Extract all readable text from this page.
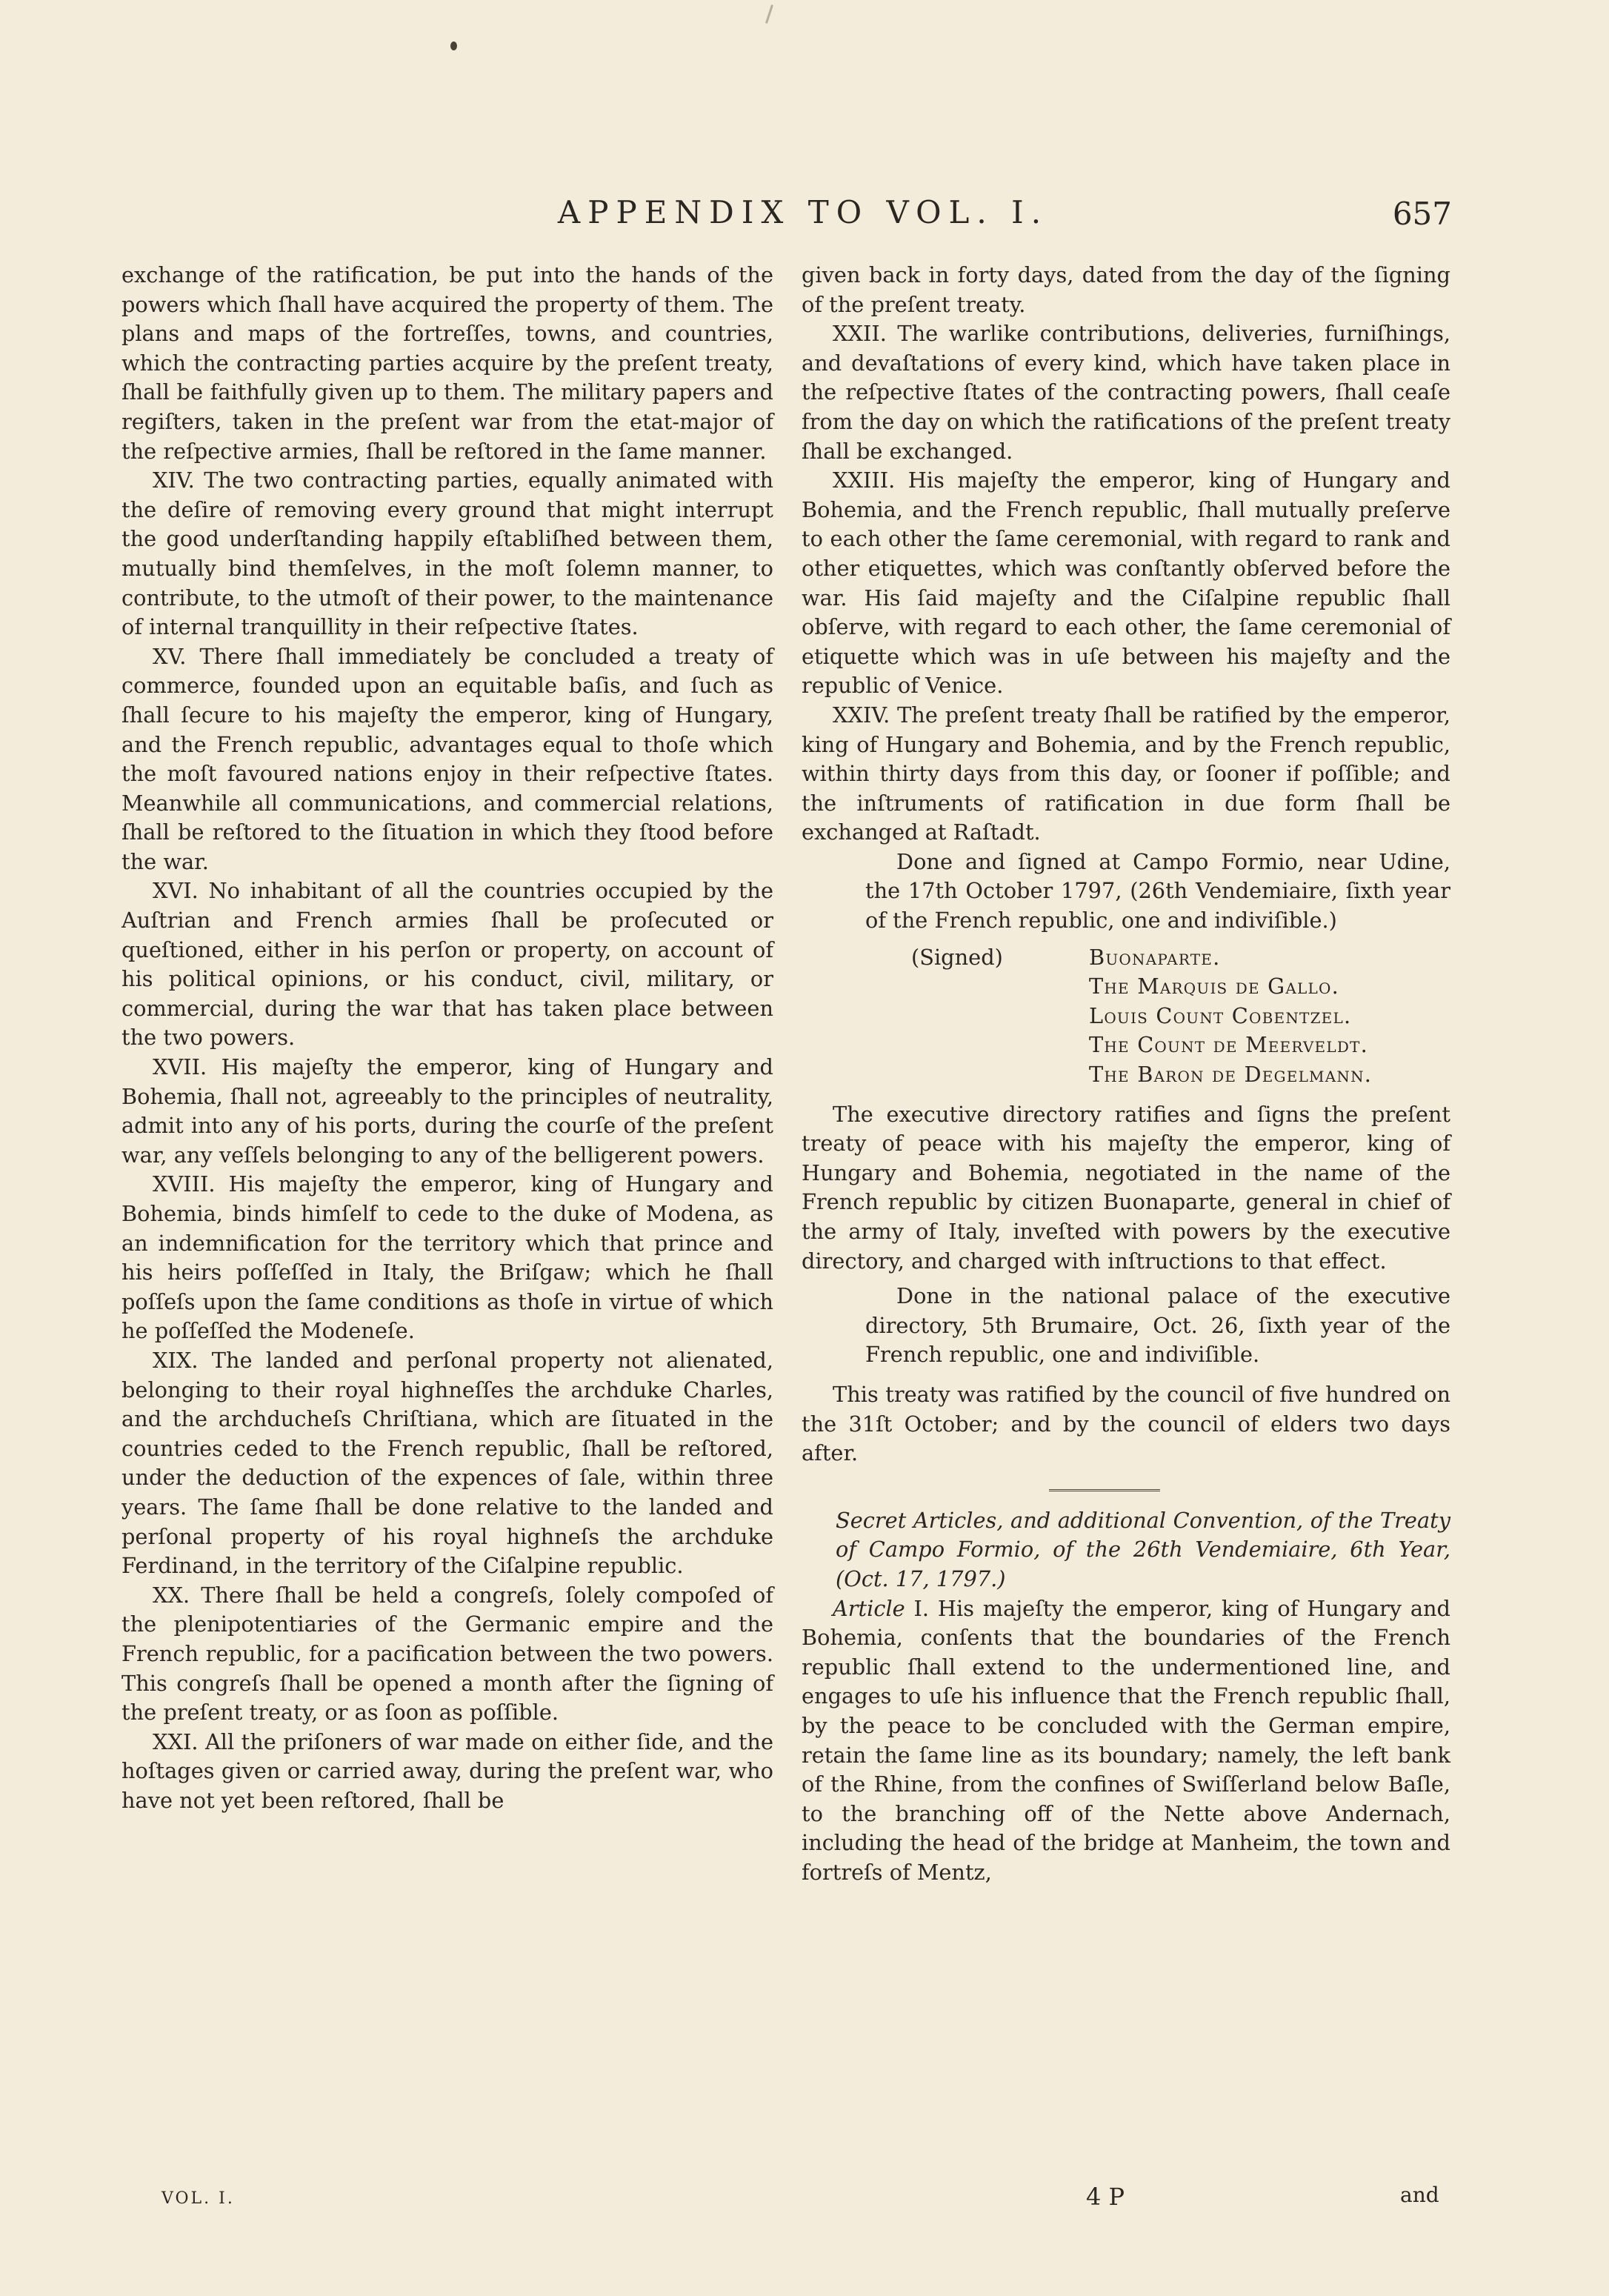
APPENDIX TO VOL. I.	657

exchange of the ratification, be put into the hands of the powers which ſhall have acquired the property of them. The plans and maps of the fortreſſes, towns, and countries, which the contracting parties acquire by the preſent treaty, ſhall be faithfully given up to them. The military papers and regiſters, taken in the preſent war from the etat-major of the reſpective armies, ſhall be reſtored in the ſame manner.

XIV. The two contracting parties, equally animated with the deſire of removing every ground that might interrupt the good underſtanding happily eſtabliſhed between them, mutually bind themſelves, in the moſt ſolemn manner, to contribute, to the utmoſt of their power, to the maintenance of internal tranquillity in their reſpective ſtates.

XV. There ſhall immediately be concluded a treaty of commerce, founded upon an equitable baſis, and ſuch as ſhall ſecure to his majeſty the emperor, king of Hungary, and the French republic, advantages equal to thoſe which the moſt favoured nations enjoy in their reſpective ſtates. Meanwhile all communications, and commercial relations, ſhall be reſtored to the ſituation in which they ſtood before the war.

XVI. No inhabitant of all the countries occupied by the Auſtrian and French armies ſhall be proſecuted or queſtioned, either in his perſon or property, on account of his political opinions, or his conduct, civil, military, or commercial, during the war that has taken place between the two powers.

XVII. His majeſty the emperor, king of Hungary and Bohemia, ſhall not, agreeably to the principles of neutrality, admit into any of his ports, during the courſe of the preſent war, any veſſels belonging to any of the belligerent powers.

XVIII. His majeſty the emperor, king of Hungary and Bohemia, binds himſelf to cede to the duke of Modena, as an indemnification for the territory which that prince and his heirs poſſeſſed in Italy, the Briſgaw; which he ſhall poſſeſs upon the ſame conditions as thoſe in virtue of which he poſſeſſed the Modeneſe.

XIX. The landed and perſonal property not alienated, belonging to their royal highneſſes the archduke Charles, and the archducheſs Chriſtiana, which are ſituated in the countries ceded to the French republic, ſhall be reſtored, under the deduction of the expences of ſale, within three years. The ſame ſhall be done relative to the landed and perſonal property of his royal highneſs the archduke Ferdinand, in the territory of the Ciſalpine republic.

XX. There ſhall be held a congreſs, ſolely compoſed of the plenipotentiaries of the Germanic empire and the French republic, for a pacification between the two powers. This congreſs ſhall be opened a month after the ſigning of the preſent treaty, or as ſoon as poſſible.

XXI. All the priſoners of war made on either ſide, and the hoſtages given or carried away, during the preſent war, who have not yet been reſtored, ſhall be

given back in forty days, dated from the day of the ſigning of the preſent treaty.

XXII. The warlike contributions, deliveries, furniſhings, and devaſtations of every kind, which have taken place in the reſpective ſtates of the contracting powers, ſhall ceaſe from the day on which the ratifications of the preſent treaty ſhall be exchanged.

XXIII. His majeſty the emperor, king of Hungary and Bohemia, and the French republic, ſhall mutually preſerve to each other the ſame ceremonial, with regard to rank and other etiquettes, which was conſtantly obſerved before the war. His ſaid majeſty and the Ciſalpine republic ſhall obſerve, with regard to each other, the ſame ceremonial of etiquette which was in uſe between his majeſty and the republic of Venice.

XXIV. The preſent treaty ſhall be ratified by the emperor, king of Hungary and Bohemia, and by the French republic, within thirty days from this day, or ſooner if poſſible; and the inſtruments of ratification in due form ſhall be exchanged at Raſtadt.

Done and ſigned at Campo Formio, near Udine, the 17th October 1797, (26th Vendemiaire, ſixth year of the French republic, one and indiviſible.)

(Signed)	Buonaparte.
The Marquis de Gallo.
Louis Count Cobentzel.
The Count de Meerveldt.
The Baron de Degelmann.

The executive directory ratifies and ſigns the preſent treaty of peace with his majeſty the emperor, king of Hungary and Bohemia, negotiated in the name of the French republic by citizen Buonaparte, general in chief of the army of Italy, inveſted with powers by the executive directory, and charged with inſtructions to that effect.

Done in the national palace of the executive directory, 5th Brumaire, Oct. 26, ſixth year of the French republic, one and indiviſible.

This treaty was ratified by the council of five hundred on the 31ſt October; and by the council of elders two days after.

Secret Articles, and additional Convention, of the Treaty of Campo Formio, of the 26th Vendemiaire, 6th Year, (Oct. 17, 1797.)

Article I. His majeſty the emperor, king of Hungary and Bohemia, conſents that the boundaries of the French republic ſhall extend to the undermentioned line, and engages to uſe his influence that the French republic ſhall, by the peace to be concluded with the German empire, retain the ſame line as its boundary; namely, the left bank of the Rhine, from the confines of Swiſſerland below Baſle, to the branching off of the Nette above Andernach, including the head of the bridge at Manheim, the town and fortreſs of Mentz,

VOL. I.	4 P	and
